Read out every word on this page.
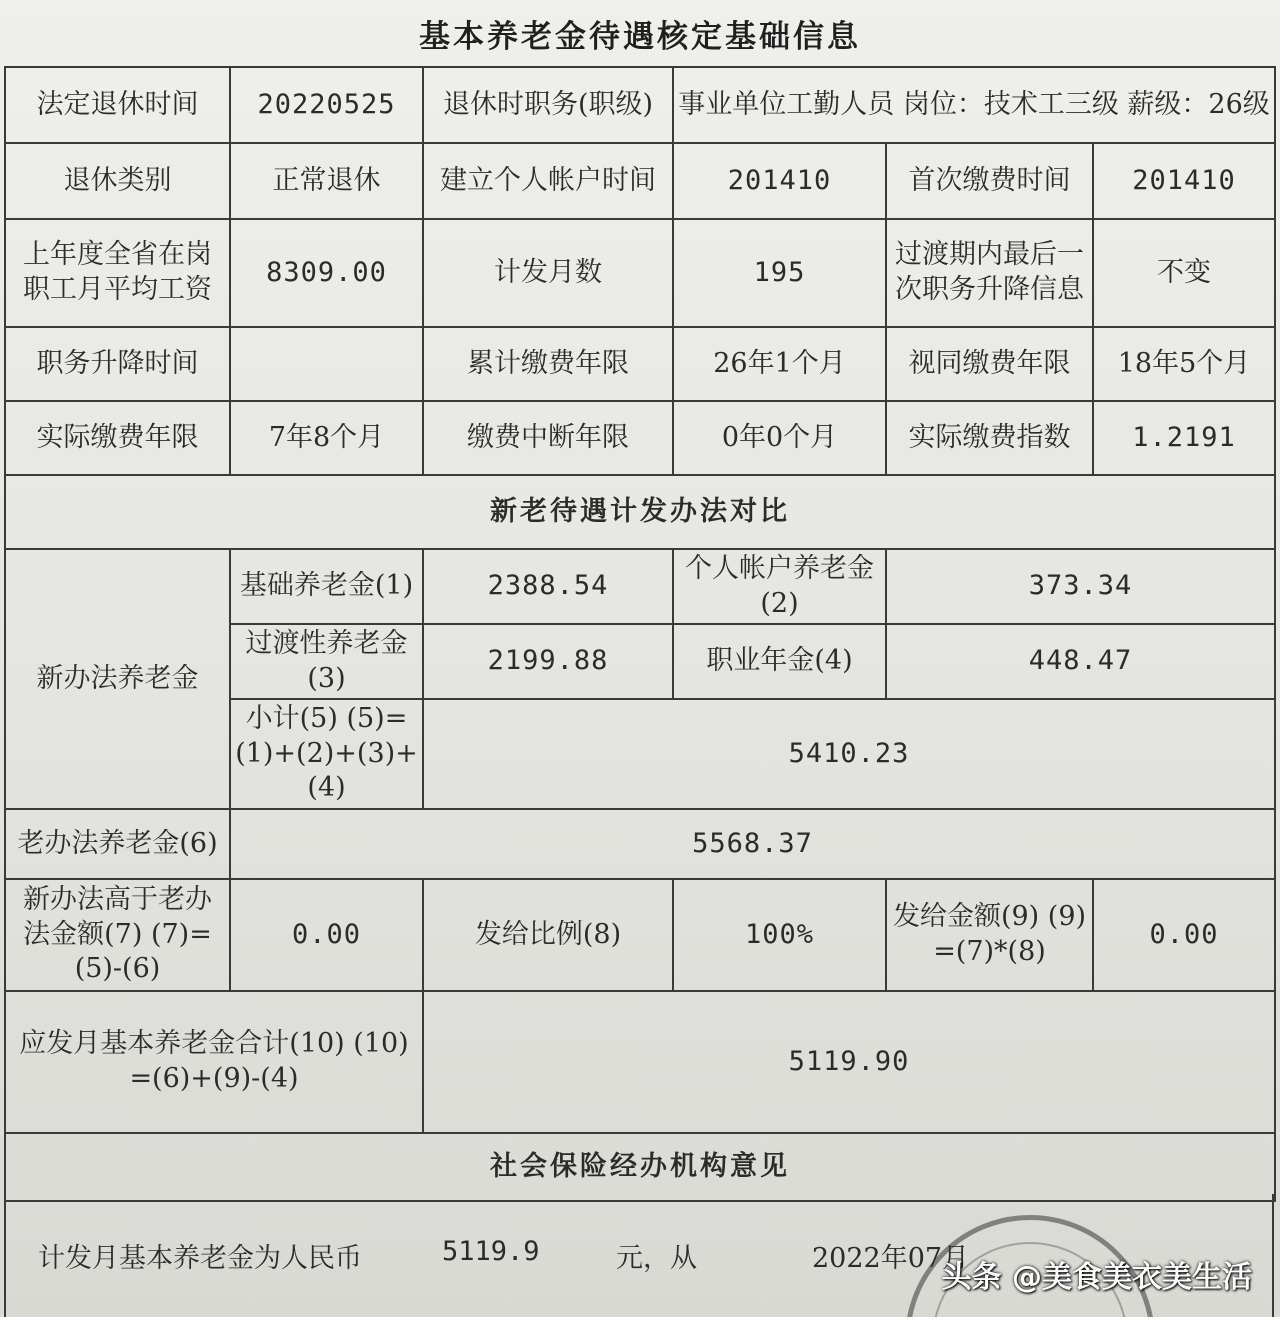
基本养老金待遇核定基础信息
法定退休时间	20220525	退休时职务(职级)	事业单位工勤人员 岗位：技术工三级 薪级：26级		
退休类别	正常退休	建立个人帐户时间	201410	首次缴费时间	201410
上年度全省在岗职工月平均工资	8309.00	计发月数	195	过渡期内最后一次职务升降信息	不变
职务升降时间		累计缴费年限	26年1个月	视同缴费年限	18年5个月
实际缴费年限	7年8个月	缴费中断年限	0年0个月	实际缴费指数	1.2191
新老待遇计发办法对比					
新办法养老金	基础养老金(1)	2388.54	个人帐户养老金(2)	373.34	
	过渡性养老金(3)	2199.88	职业年金(4)	448.47	
	小计(5) (5)=(1)+(2)+(3)+(4)	5410.23			
老办法养老金(6)	5568.37				
新办法高于老办法金额(7) (7)=(5)-(6)	0.00	发给比例(8)	100%	发给金额(9) (9)=(7)*(8)	0.00
应发月基本养老金合计(10) (10)=(6)+(9)-(4)		5119.90			
社会保险经办机构意见					
计发月基本养老金为人民币	5119.9	元，从	2022年07月
头条 @美食美衣美生活
